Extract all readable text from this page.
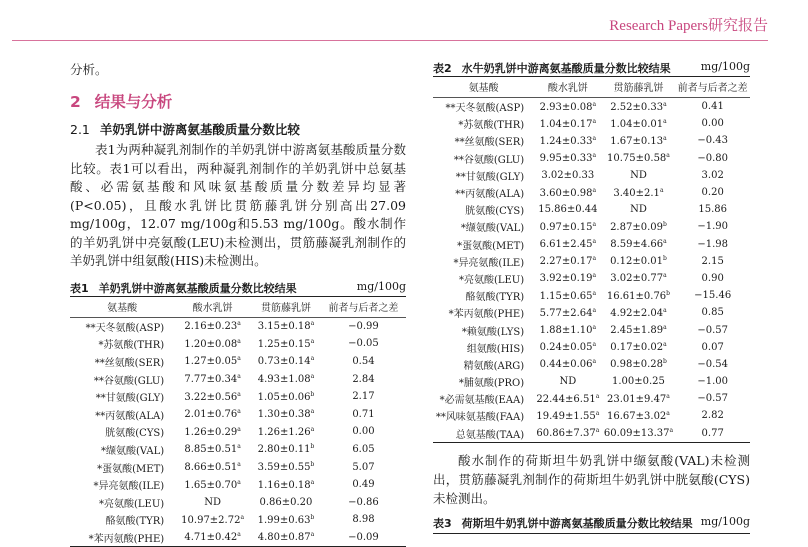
Research Papers研究报告
分析。
2 结果与分析
2.1 羊奶乳饼中游离氨基酸质量分数比较
表1为两种凝乳剂制作的羊奶乳饼中游离氨基酸质量分数比较。表1可以看出，两种凝乳剂制作的羊奶乳饼中总氨基酸、必需氨基酸和风味氨基酸质量分数差异均显著(P<0.05)，且酸水乳饼比贯筋藤乳饼分别高出27.09 mg/100g，12.07 mg/100g和5.53 mg/100g。酸水制作的羊奶乳饼中亮氨酸(LEU)未检测出，贯筋藤凝乳剂制作的羊奶乳饼中组氨酸(HIS)未检测出。
表1 羊奶乳饼中游离氨基酸质量分数比较结果	mg/100g
氨基酸	酸水乳饼	贯筋藤乳饼	前者与后者之差
**天冬氨酸(ASP)	2.16±0.23$^a$	3.15±0.18$^a$	−0.99
*苏氨酸(THR)	1.20±0.08$^a$	1.25±0.15$^a$	−0.05
**丝氨酸(SER)	1.27±0.05$^a$	0.73±0.14$^a$	0.54
**谷氨酸(GLU)	7.77±0.34$^a$	4.93±1.08$^a$	2.84
**甘氨酸(GLY)	3.22±0.56$^a$	1.05±0.06$^b$	2.17
**丙氨酸(ALA)	2.01±0.76$^a$	1.30±0.38$^a$	0.71
胱氨酸(CYS)	1.26±0.29$^a$	1.26±1.26$^a$	0.00
*缬氨酸(VAL)	8.85±0.51$^a$	2.80±0.11$^b$	6.05
*蛋氨酸(MET)	8.66±0.51$^a$	3.59±0.55$^b$	5.07
*异亮氨酸(ILE)	1.65±0.70$^a$	1.16±0.18$^a$	0.49
*亮氨酸(LEU)	ND	0.86±0.20	−0.86
酪氨酸(TYR)	10.97±2.72$^a$	1.99±0.63$^b$	8.98
*苯丙氨酸(PHE)	4.71±0.42$^a$	4.80±0.87$^a$	−0.09
表2 水牛奶乳饼中游离氨基酸质量分数比较结果	mg/100g
氨基酸	酸水乳饼	贯筋藤乳饼	前者与后者之差
**天冬氨酸(ASP)	2.93±0.08$^a$	2.52±0.33$^a$	0.41
*苏氨酸(THR)	1.04±0.17$^a$	1.04±0.01$^a$	0.00
**丝氨酸(SER)	1.24±0.33$^a$	1.67±0.13$^a$	−0.43
**谷氨酸(GLU)	9.95±0.33$^a$	10.75±0.58$^a$	−0.80
**甘氨酸(GLY)	3.02±0.33	ND	3.02
**丙氨酸(ALA)	3.60±0.98$^a$	3.40±2.1$^a$	0.20
胱氨酸(CYS)	15.86±0.44	ND	15.86
*缬氨酸(VAL)	0.97±0.15$^a$	2.87±0.09$^b$	−1.90
*蛋氨酸(MET)	6.61±2.45$^a$	8.59±4.66$^a$	−1.98
*异亮氨酸(ILE)	2.27±0.17$^a$	0.12±0.01$^b$	2.15
*亮氨酸(LEU)	3.92±0.19$^a$	3.02±0.77$^a$	0.90
酪氨酸(TYR)	1.15±0.65$^a$	16.61±0.76$^b$	−15.46
*苯丙氨酸(PHE)	5.77±2.64$^a$	4.92±2.04$^a$	0.85
*赖氨酸(LYS)	1.88±1.10$^a$	2.45±1.89$^a$	−0.57
组氨酸(HIS)	0.24±0.05$^a$	0.17±0.02$^a$	0.07
精氨酸(ARG)	0.44±0.06$^a$	0.98±0.28$^b$	−0.54
*脯氨酸(PRO)	ND	1.00±0.25	−1.00
*必需氨基酸(EAA)	22.44±6.51$^a$	23.01±9.47$^a$	−0.57
**风味氨基酸(FAA)	19.49±1.55$^a$	16.67±3.02$^a$	2.82
总氨基酸(TAA)	60.86±7.37$^a$	60.09±13.37$^a$	0.77
酸水制作的荷斯坦牛奶乳饼中缬氨酸(VAL)未检测出，贯筋藤凝乳剂制作的荷斯坦牛奶乳饼中胱氨酸(CYS)未检测出。
表3 荷斯坦牛奶乳饼中游离氨基酸质量分数比较结果 mg/100g
